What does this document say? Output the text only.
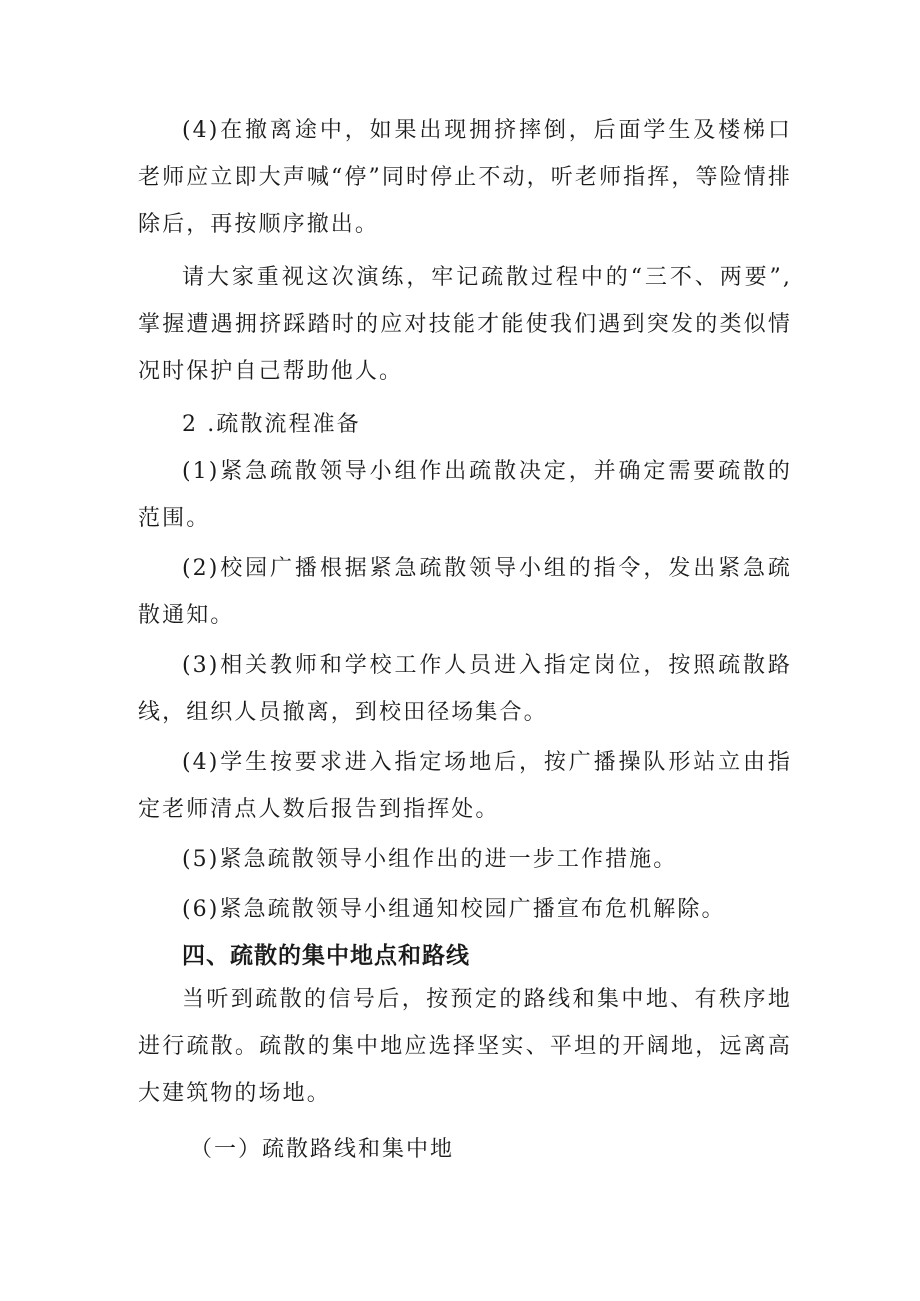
(4)在撤离途中，如果出现拥挤摔倒，后面学生及楼梯口老师应立即大声喊“停”同时停止不动，听老师指挥，等险情排除后，再按顺序撤出。

请大家重视这次演练，牢记疏散过程中的“三不、两要”,掌握遭遇拥挤踩踏时的应对技能才能使我们遇到突发的类似情况时保护自己帮助他人。

2 .疏散流程准备

(1)紧急疏散领导小组作出疏散决定，并确定需要疏散的范围。

(2)校园广播根据紧急疏散领导小组的指令，发出紧急疏散通知。

(3)相关教师和学校工作人员进入指定岗位，按照疏散路线，组织人员撤离，到校田径场集合。

(4)学生按要求进入指定场地后，按广播操队形站立由指定老师清点人数后报告到指挥处。

(5)紧急疏散领导小组作出的进一步工作措施。

(6)紧急疏散领导小组通知校园广播宣布危机解除。

四、疏散的集中地点和路线

当听到疏散的信号后，按预定的路线和集中地、有秩序地进行疏散。疏散的集中地应选择坚实、平坦的开阔地，远离高大建筑物的场地。

（一）疏散路线和集中地
